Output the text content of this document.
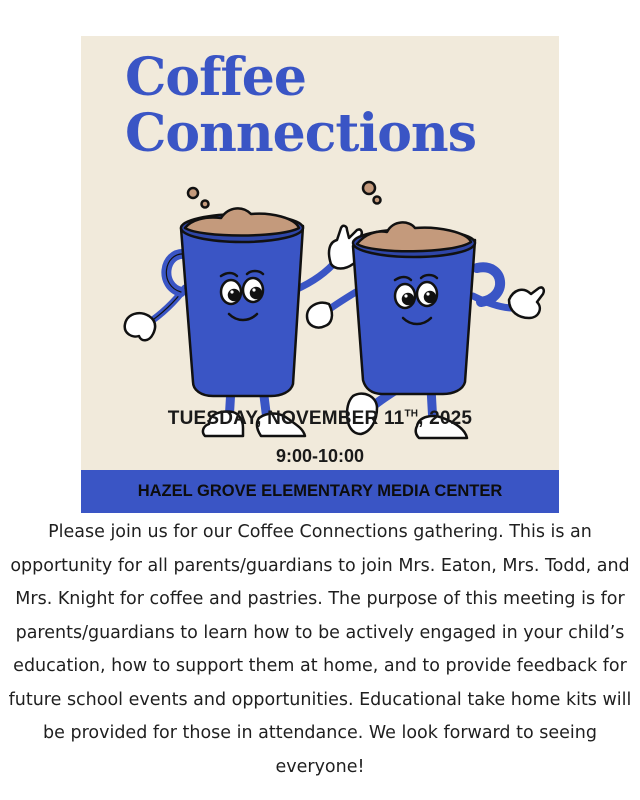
Coffee
Connections
TUESDAY, NOVEMBER 11TH, 2025
9:00-10:00
HAZEL GROVE ELEMENTARY MEDIA CENTER

Please join us for our Coffee Connections gathering. This is an opportunity for all parents/guardians to join Mrs. Eaton, Mrs. Todd, and Mrs. Knight for coffee and pastries. The purpose of this meeting is for parents/guardians to learn how to be actively engaged in your child’s education, how to support them at home, and to provide feedback for future school events and opportunities. Educational take home kits will be provided for those in attendance. We look forward to seeing everyone!
